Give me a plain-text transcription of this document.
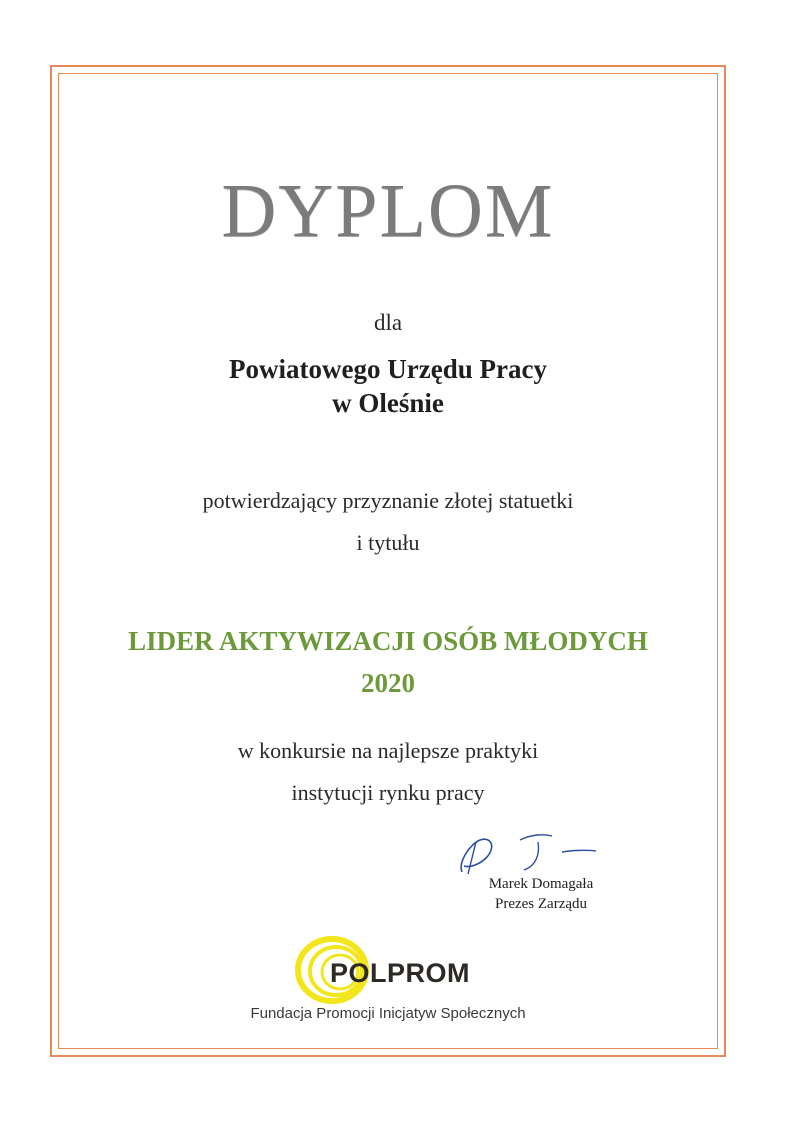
DYPLOM
dla
Powiatowego Urzędu Pracy
w Oleśnie
potwierdzający przyznanie złotej statuetki
i tytułu
LIDER AKTYWIZACJI OSÓB MŁODYCH
2020
w konkursie na najlepsze praktyki
instytucji rynku pracy
Marek Domagała
Prezes Zarządu
POLPROM
Fundacja Promocji Inicjatyw Społecznych
